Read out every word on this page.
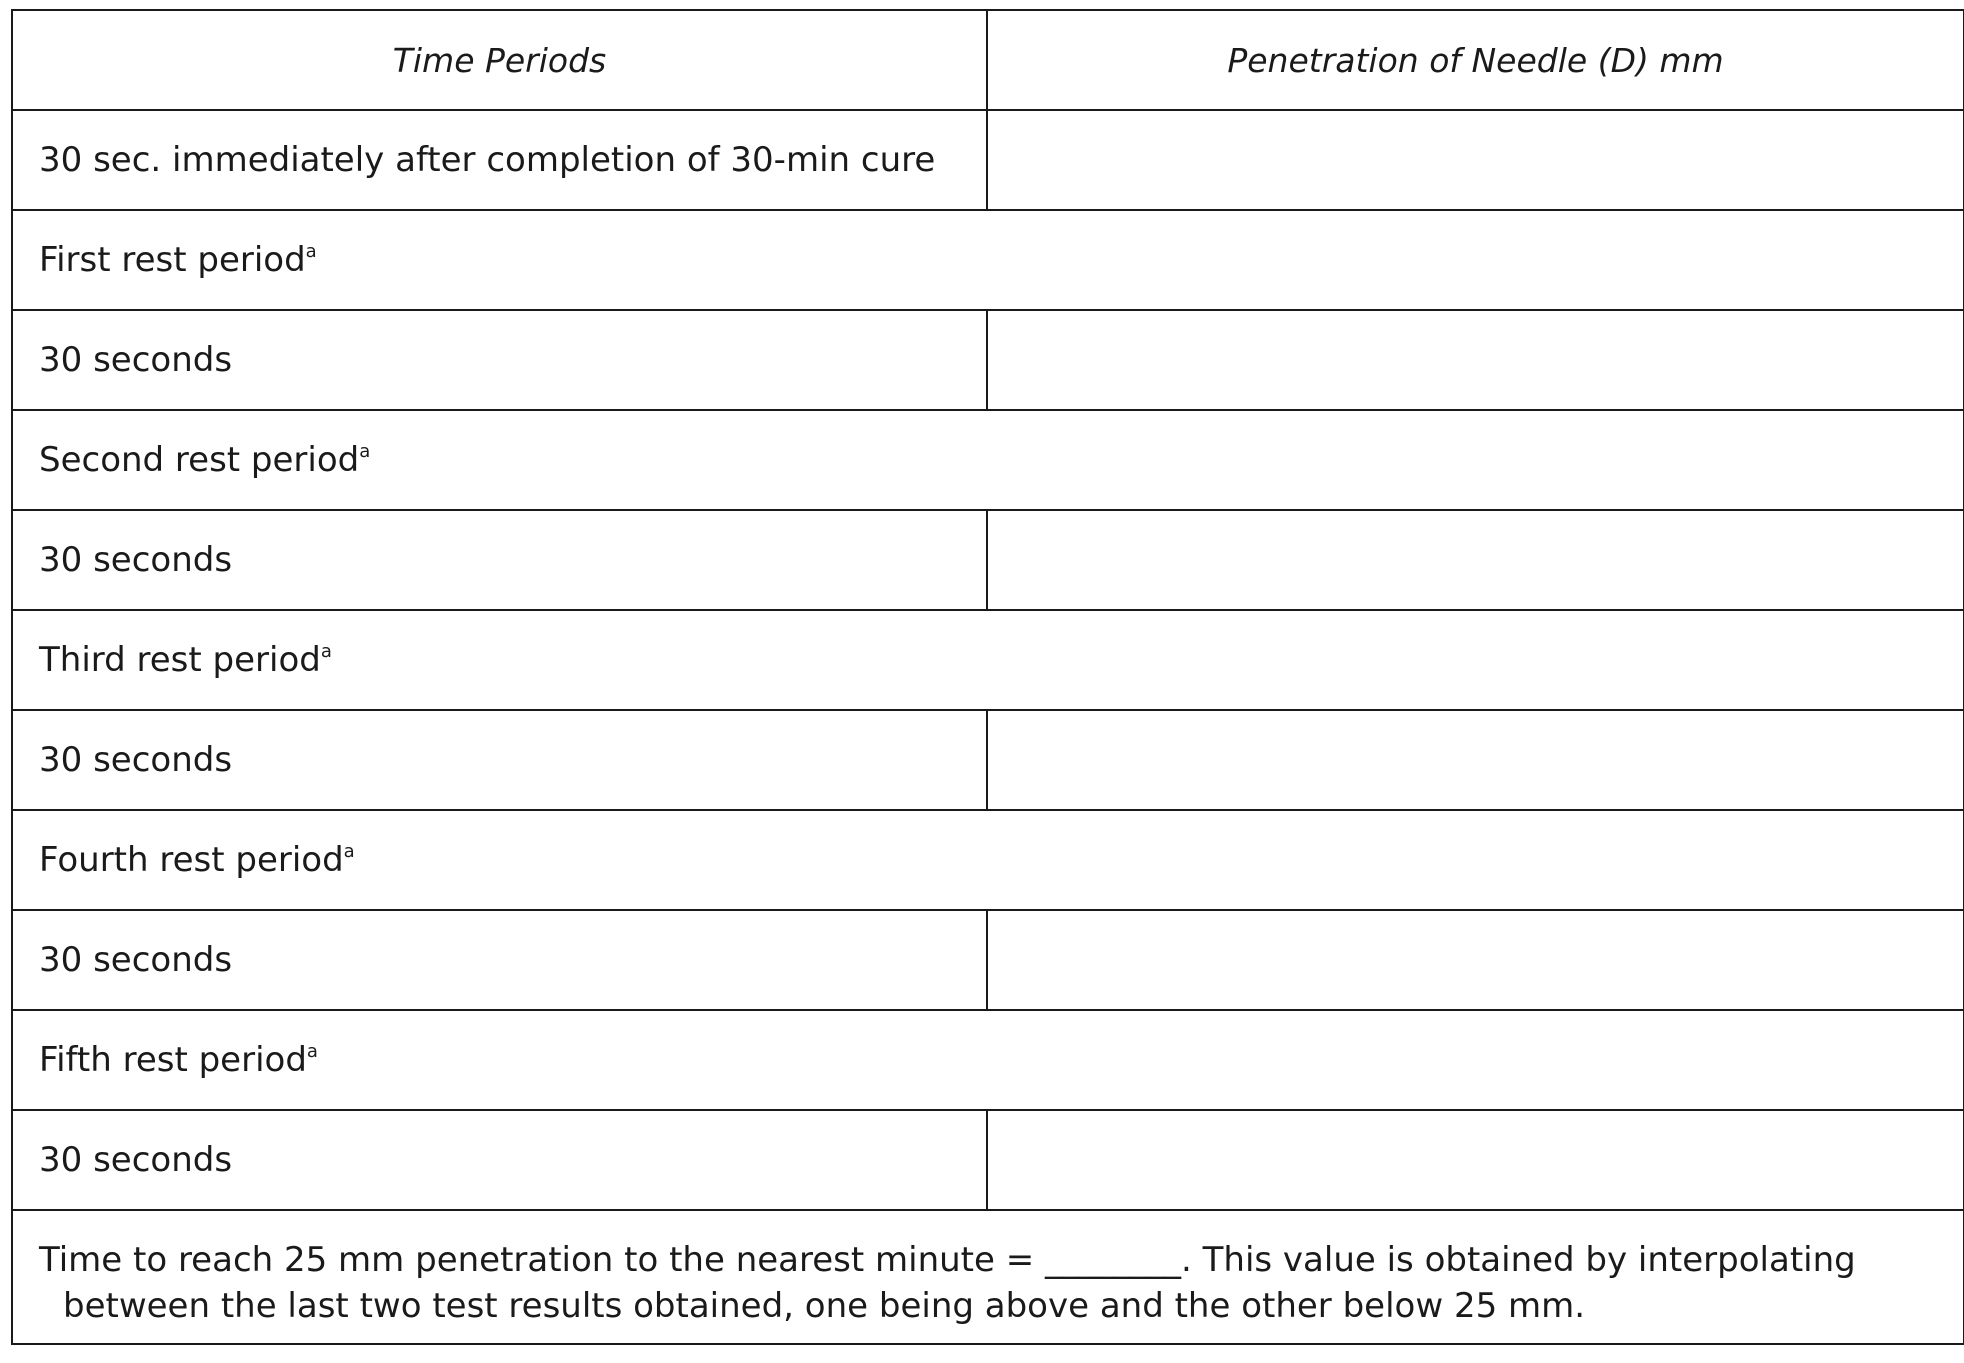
Time Periods	Penetration of Needle (D) mm
30 sec. immediately after completion of 30-min cure	
First rest period$^a$
30 seconds	
Second rest period$^a$
30 seconds	
Third rest period$^a$
30 seconds	
Fourth rest period$^a$
30 seconds	
Fifth rest period$^a$
30 seconds	

Time to reach 25 mm penetration to the nearest minute = ________. This value is obtained by interpolating between the last two test results obtained, one being above and the other below 25 mm.	
